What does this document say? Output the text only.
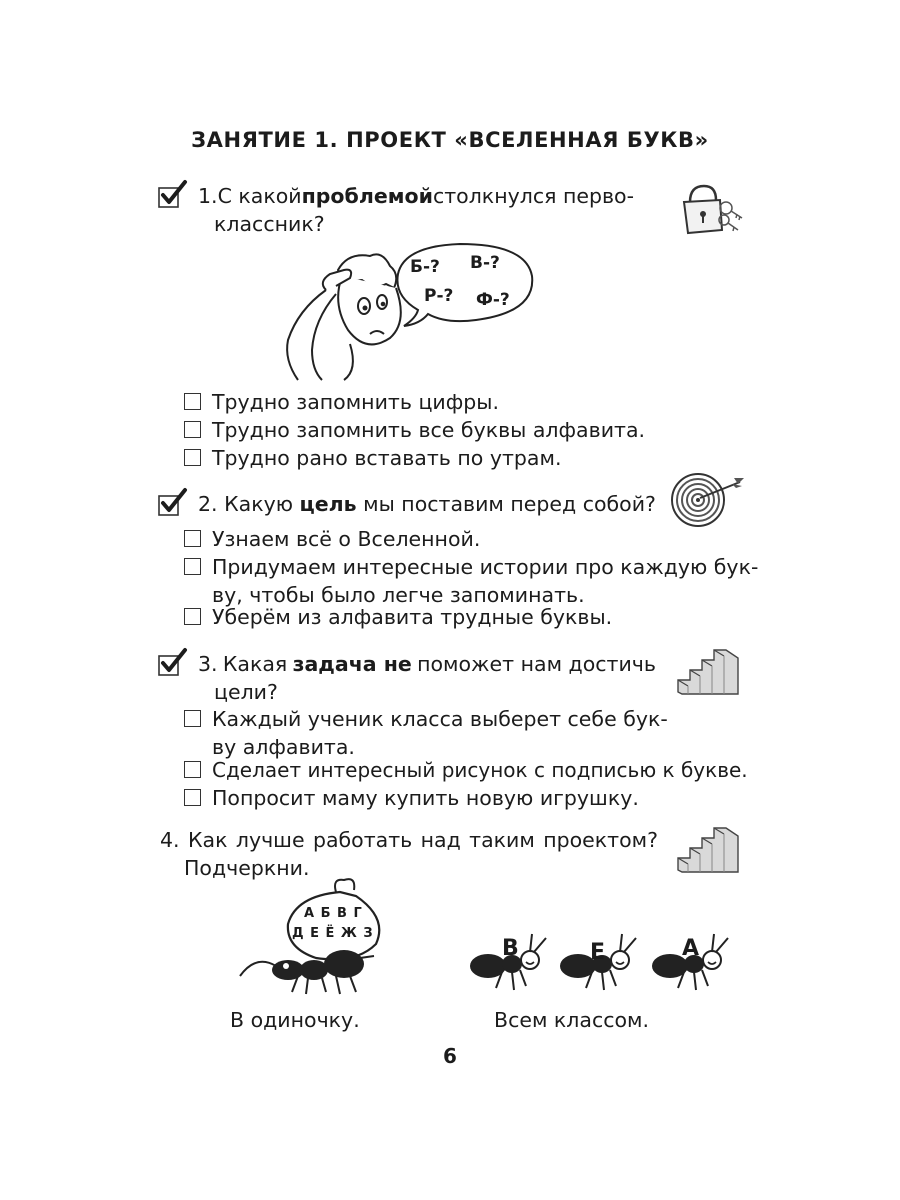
ЗАНЯТИЕ 1. ПРОЕКТ «ВСЕЛЕННАЯ БУКВ»
1. С какой проблемой столкнулся перво-
классник?
Б-? В-?
Р-? Ф-?
Трудно запомнить цифры.
Трудно запомнить все буквы алфавита.
Трудно рано вставать по утрам.
2. Какую цель мы поставим перед собой?
Узнаем всё о Вселенной.
Придумаем интересные истории про каждую бук-
ву, чтобы было легче запоминать.
Уберём из алфавита трудные буквы.
3. Какая задача не поможет нам достичь
цели?
Каждый ученик класса выберет себе бук-
ву алфавита.
Сделает интересный рисунок с подписью к букве.
Попросит маму купить новую игрушку.
4. Как лучше работать над таким проектом?
Подчеркни.
А Б В Г
Д Е Ё Ж З
В	Е	А
В одиночку.	Всем классом.
6
